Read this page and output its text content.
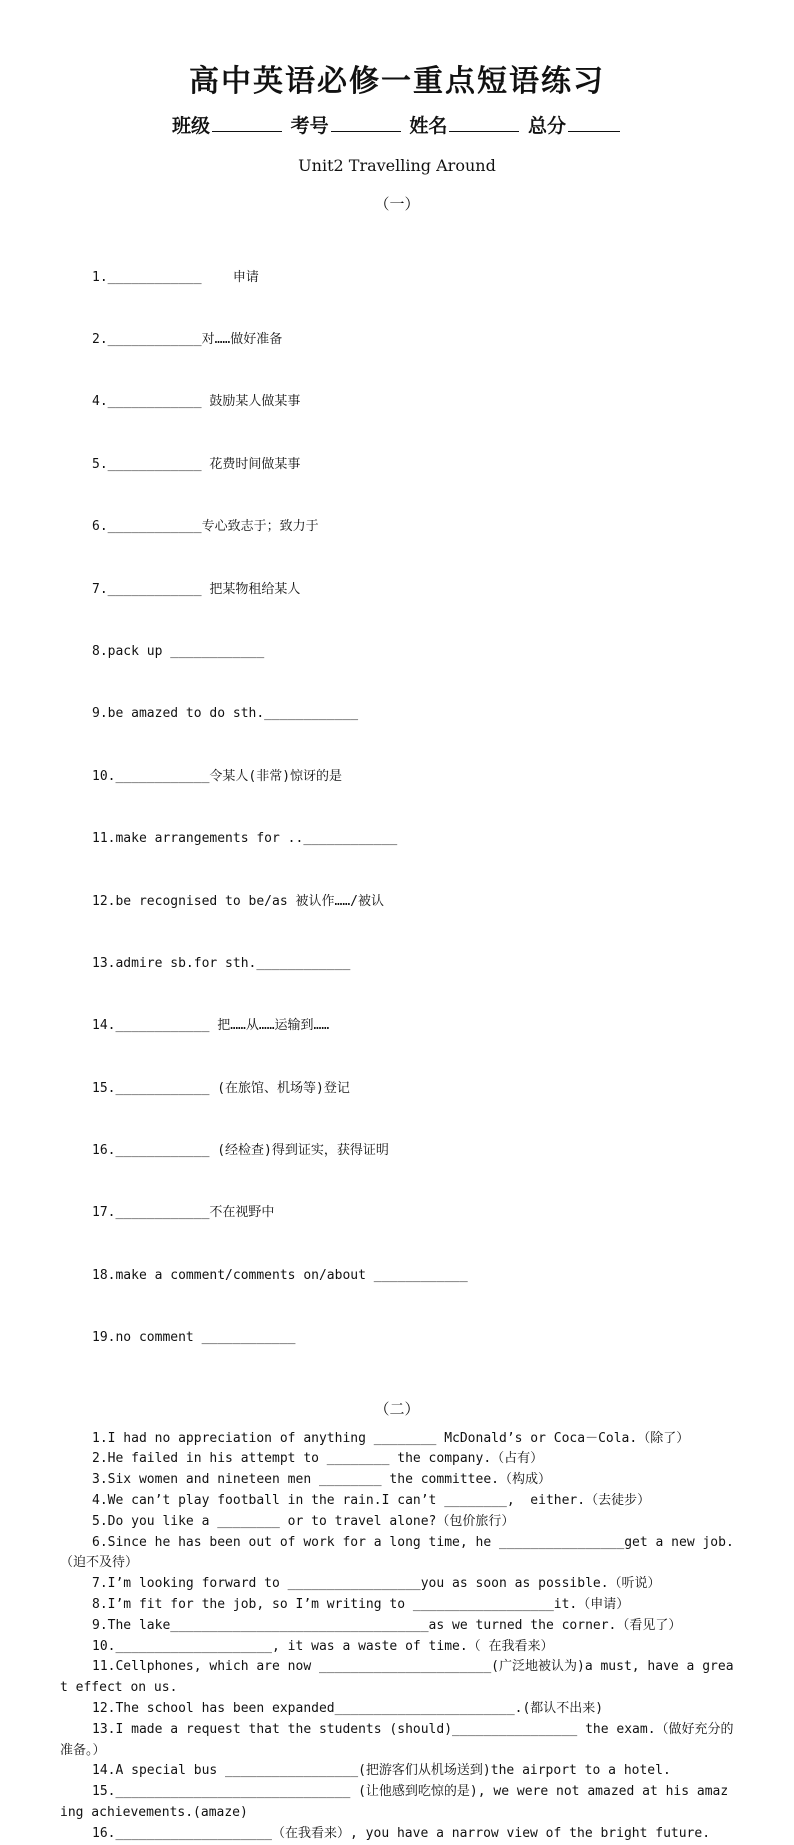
高中英语必修一重点短语练习
班级	考号	姓名	总分
Unit2 Travelling Around
（一）

1.____________    申请

2.____________对……做好准备

4.____________ 鼓励某人做某事

5.____________ 花费时间做某事

6.____________专心致志于；致力于

7.____________ 把某物租给某人

8.pack up ____________

9.be amazed to do sth.____________

10.____________令某人(非常)惊讶的是

11.make arrangements for ..____________

12.be recognised to be/as 被认作……/被认

13.admire sb.for sth.____________

14.____________ 把……从……运输到……

15.____________ (在旅馆、机场等)登记

16.____________ (经检查)得到证实，获得证明

17.____________不在视野中

18.make a comment/comments on/about ____________

19.no comment ____________

（二）
1.I had no appreciation of anything ________ McDonald’s or Coca－Cola.（除了）
2.He failed in his attempt to ________ the company.（占有）
3.Six women and nineteen men ________ the committee.（构成）
4.We can’t play football in the rain.I can’t ________,  either.（去徒步）
5.Do you like a ________ or to travel alone?（包价旅行）
6.Since he has been out of work for a long time, he ________________get a new job.（迫不及待）
7.I’m looking forward to _________________you as soon as possible.（听说）
8.I’m fit for the job, so I’m writing to __________________it.（申请）
9.The lake_________________________________as we turned the corner.（看见了）
10.____________________, it was a waste of time.（ 在我看来）
11.Cellphones, which are now ______________________(广泛地被认为)a must, have a great effect on us.
12.The school has been expanded_______________________.(都认不出来)
13.I made a request that the students (should)________________ the exam.（做好充分的准备。）
14.A special bus _________________(把游客们从机场送到)the airport to a hotel.
15.______________________________ (让他感到吃惊的是), we were not amazed at his amazing achievements.(amaze)
16.____________________（在我看来）, you have a narrow view of the bright future.
